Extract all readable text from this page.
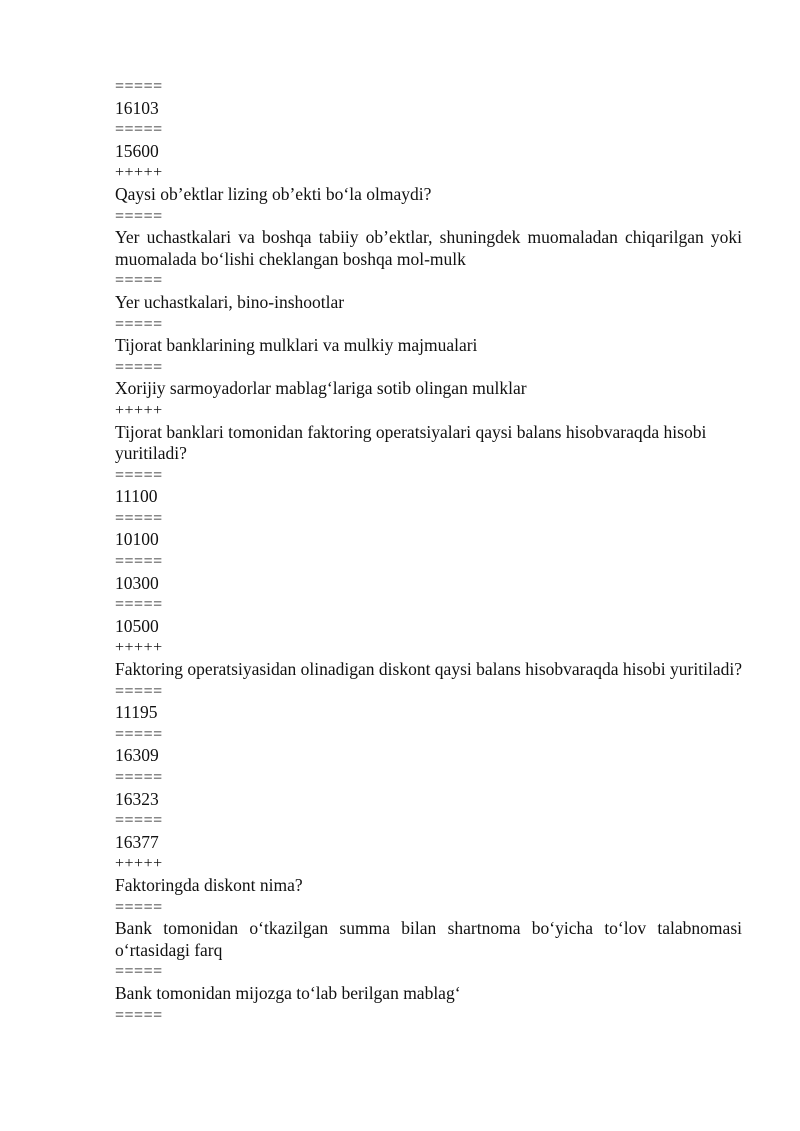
=====

16103

=====

15600

+++++

Qaysi ob’ektlar lizing ob’ekti bo‘la olmaydi?

=====

Yer uchastkalari va boshqa tabiiy ob’ektlar, shuningdek muomaladan chiqarilgan yoki muomalada bo‘lishi cheklangan boshqa mol-mulk

=====

Yer uchastkalari, bino-inshootlar

=====

Tijorat banklarining mulklari va mulkiy majmualari

=====

Xorijiy sarmoyadorlar mablag‘lariga sotib olingan mulklar

+++++

Tijorat banklari tomonidan faktoring operatsiyalari qaysi balans hisobvaraqda hisobi yuritiladi?

=====

11100

=====

10100

=====

10300

=====

10500

+++++

Faktoring operatsiyasidan olinadigan diskont qaysi balans hisobvaraqda hisobi yuritiladi?

=====

11195

=====

16309

=====

16323

=====

16377

+++++

Faktoringda diskont nima?

=====

Bank tomonidan o‘tkazilgan summa bilan shartnoma bo‘yicha to‘lov talabnomasi o‘rtasidagi farq

=====

Bank tomonidan mijozga to‘lab berilgan mablag‘

=====
